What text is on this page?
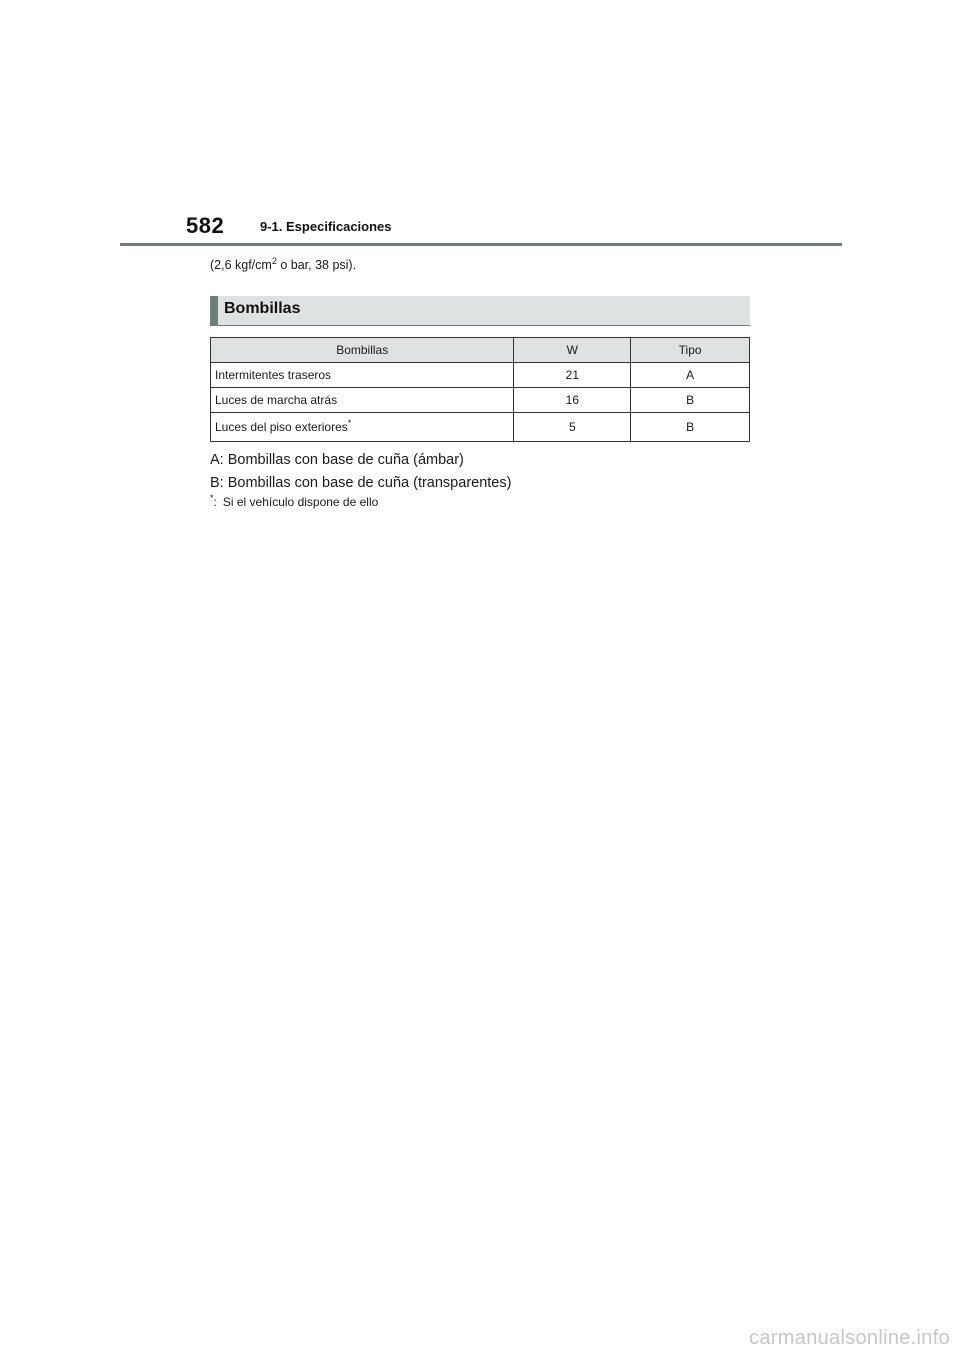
582	9-1. Especificaciones
(2,6 kgf/$cm^2$ o bar, 38 psi).
Bombillas
Bombillas	W	Tipo
Intermitentes traseros	21	A
Luces de marcha atrás	16	B
Luces del piso exteriores*	5	B
A: Bombillas con base de cuña (ámbar)
B: Bombillas con base de cuña (transparentes)
*: Si el vehículo dispone de ello
carmanualsonline.info
